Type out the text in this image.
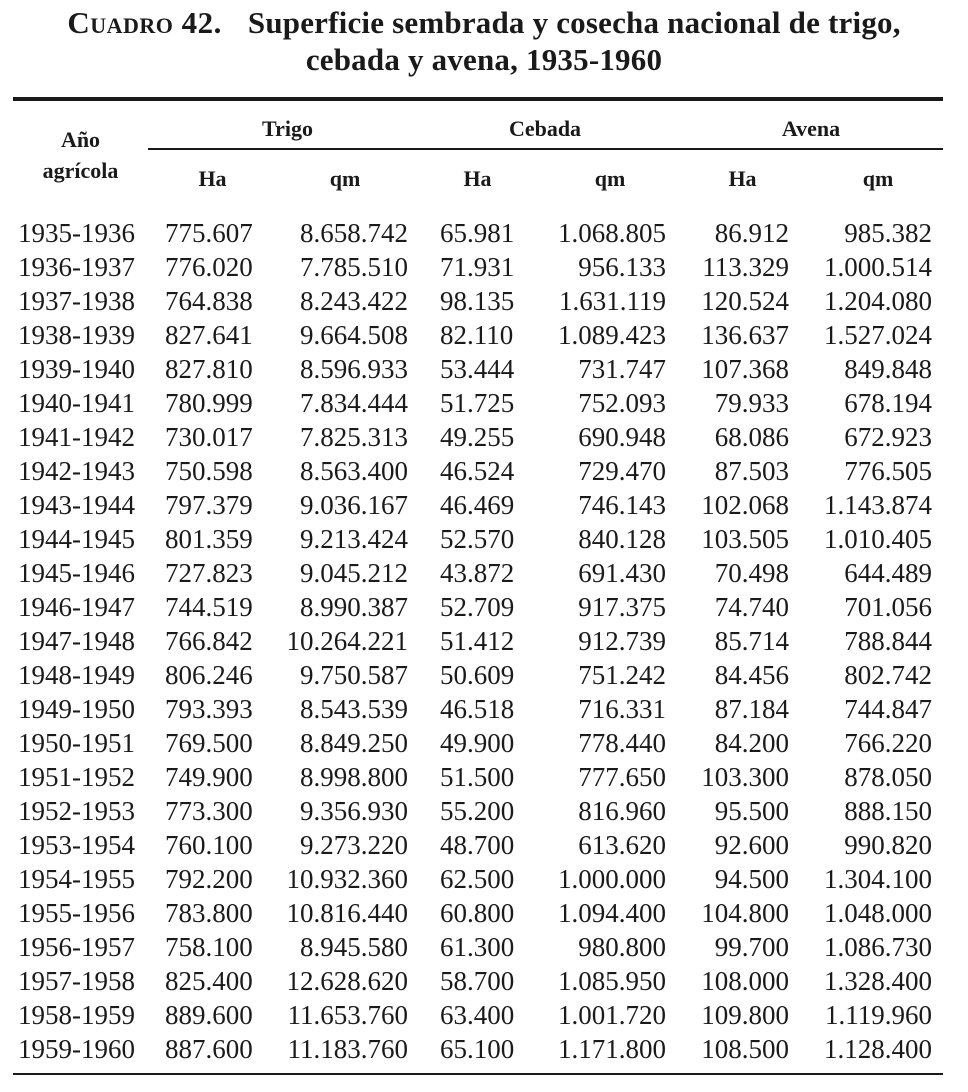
Cuadro 42. Superficie sembrada y cosecha nacional de trigo,
cebada y avena, 1935-1960
Año
agrícola
Trigo	Cebada	Avena
Ha	qm	Ha	qm	Ha	qm
1935-1936 775.607 8.658.742 65.981 1.068.805 86.912 985.382
1936-1937 776.020 7.785.510 71.931 956.133 113.329 1.000.514
1937-1938 764.838 8.243.422 98.135 1.631.119 120.524 1.204.080
1938-1939 827.641 9.664.508 82.110 1.089.423 136.637 1.527.024
1939-1940 827.810 8.596.933 53.444 731.747 107.368 849.848
1940-1941 780.999 7.834.444 51.725 752.093 79.933 678.194
1941-1942 730.017 7.825.313 49.255 690.948 68.086 672.923
1942-1943 750.598 8.563.400 46.524 729.470 87.503 776.505
1943-1944 797.379 9.036.167 46.469 746.143 102.068 1.143.874
1944-1945 801.359 9.213.424 52.570 840.128 103.505 1.010.405
1945-1946 727.823 9.045.212 43.872 691.430 70.498 644.489
1946-1947 744.519 8.990.387 52.709 917.375 74.740 701.056
1947-1948 766.842 10.264.221 51.412 912.739 85.714 788.844
1948-1949 806.246 9.750.587 50.609 751.242 84.456 802.742
1949-1950 793.393 8.543.539 46.518 716.331 87.184 744.847
1950-1951 769.500 8.849.250 49.900 778.440 84.200 766.220
1951-1952 749.900 8.998.800 51.500 777.650 103.300 878.050
1952-1953 773.300 9.356.930 55.200 816.960 95.500 888.150
1953-1954 760.100 9.273.220 48.700 613.620 92.600 990.820
1954-1955 792.200 10.932.360 62.500 1.000.000 94.500 1.304.100
1955-1956 783.800 10.816.440 60.800 1.094.400 104.800 1.048.000
1956-1957 758.100 8.945.580 61.300 980.800 99.700 1.086.730
1957-1958 825.400 12.628.620 58.700 1.085.950 108.000 1.328.400
1958-1959 889.600 11.653.760 63.400 1.001.720 109.800 1.119.960
1959-1960 887.600 11.183.760 65.100 1.171.800 108.500 1.128.400
